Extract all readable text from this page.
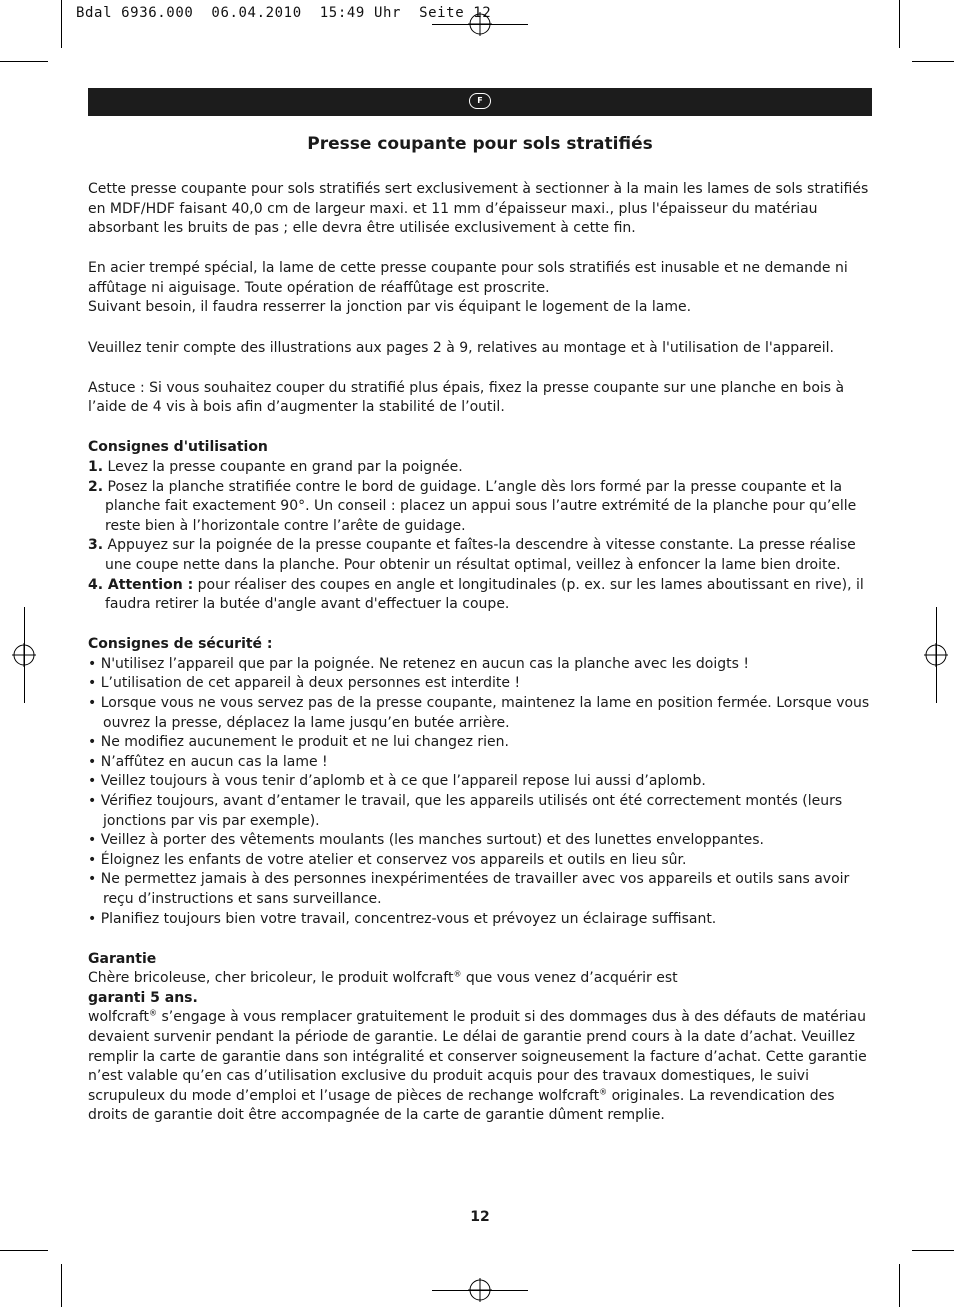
Bdal 6936.000  06.04.2010  15:49 Uhr  Seite 12
F
Presse coupante pour sols stratifiés

Cette presse coupante pour sols stratifiés sert exclusivement à sectionner à la main les lames de sols stratifiés en MDF/HDF faisant 40,0 cm de largeur maxi. et 11 mm d’épaisseur maxi., plus l'épaisseur du matériau absorbant les bruits de pas ; elle devra être utilisée exclusivement à cette fin.

En acier trempé spécial, la lame de cette presse coupante pour sols stratifiés est inusable et ne demande ni affûtage ni aiguisage. Toute opération de réaffûtage est proscrite.

Suivant besoin, il faudra resserrer la jonction par vis équipant le logement de la lame.

Veuillez tenir compte des illustrations aux pages 2 à 9, relatives au montage et à l'utilisation de l'appareil.

Astuce : Si vous souhaitez couper du stratifié plus épais, fixez la presse coupante sur une planche en bois à l’aide de 4 vis à bois afin d’augmenter la stabilité de l’outil.

Consignes d'utilisation

1. Levez la presse coupante en grand par la poignée.

2. Posez la planche stratifiée contre le bord de guidage. L’angle dès lors formé par la presse coupante et la planche fait exactement 90°. Un conseil : placez un appui sous l’autre extrémité de la planche pour qu’elle reste bien à l’horizontale contre l’arête de guidage.

3. Appuyez sur la poignée de la presse coupante et faîtes-la descendre à vitesse constante. La presse réalise une coupe nette dans la planche. Pour obtenir un résultat optimal, veillez à enfoncer la lame bien droite.

4. Attention : pour réaliser des coupes en angle et longitudinales (p. ex. sur les lames aboutissant en rive), il faudra retirer la butée d'angle avant d'effectuer la coupe.

Consignes de sécurité :

• N'utilisez l’appareil que par la poignée. Ne retenez en aucun cas la planche avec les doigts !

• L’utilisation de cet appareil à deux personnes est interdite !

• Lorsque vous ne vous servez pas de la presse coupante, maintenez la lame en position fermée. Lorsque vous ouvrez la presse, déplacez la lame jusqu’en butée arrière.

• Ne modifiez aucunement le produit et ne lui changez rien.

• N’affûtez en aucun cas la lame !

• Veillez toujours à vous tenir d’aplomb et à ce que l’appareil repose lui aussi d’aplomb.

• Vérifiez toujours, avant d’entamer le travail, que les appareils utilisés ont été correctement montés (leurs jonctions par vis par exemple).

• Veillez à porter des vêtements moulants (les manches surtout) et des lunettes enveloppantes.

• Éloignez les enfants de votre atelier et conservez vos appareils et outils en lieu sûr.

• Ne permettez jamais à des personnes inexpérimentées de travailler avec vos appareils et outils sans avoir reçu d’instructions et sans surveillance.

• Planifiez toujours bien votre travail, concentrez-vous et prévoyez un éclairage suffisant.

Garantie

Chère bricoleuse, cher bricoleur, le produit wolfcraft® que vous venez d’acquérir est

garanti 5 ans.

wolfcraft® s’engage à vous remplacer gratuitement le produit si des dommages dus à des défauts de matériau devaient survenir pendant la période de garantie. Le délai de garantie prend cours à la date d’achat. Veuillez remplir la carte de garantie dans son intégralité et conserver soigneusement la facture d’achat. Cette garantie n’est valable qu’en cas d’utilisation exclusive du produit acquis pour des travaux domestiques, le suivi scrupuleux du mode d’emploi et l’usage de pièces de rechange wolfcraft® originales. La revendication des droits de garantie doit être accompagnée de la carte de garantie dûment remplie.

12
